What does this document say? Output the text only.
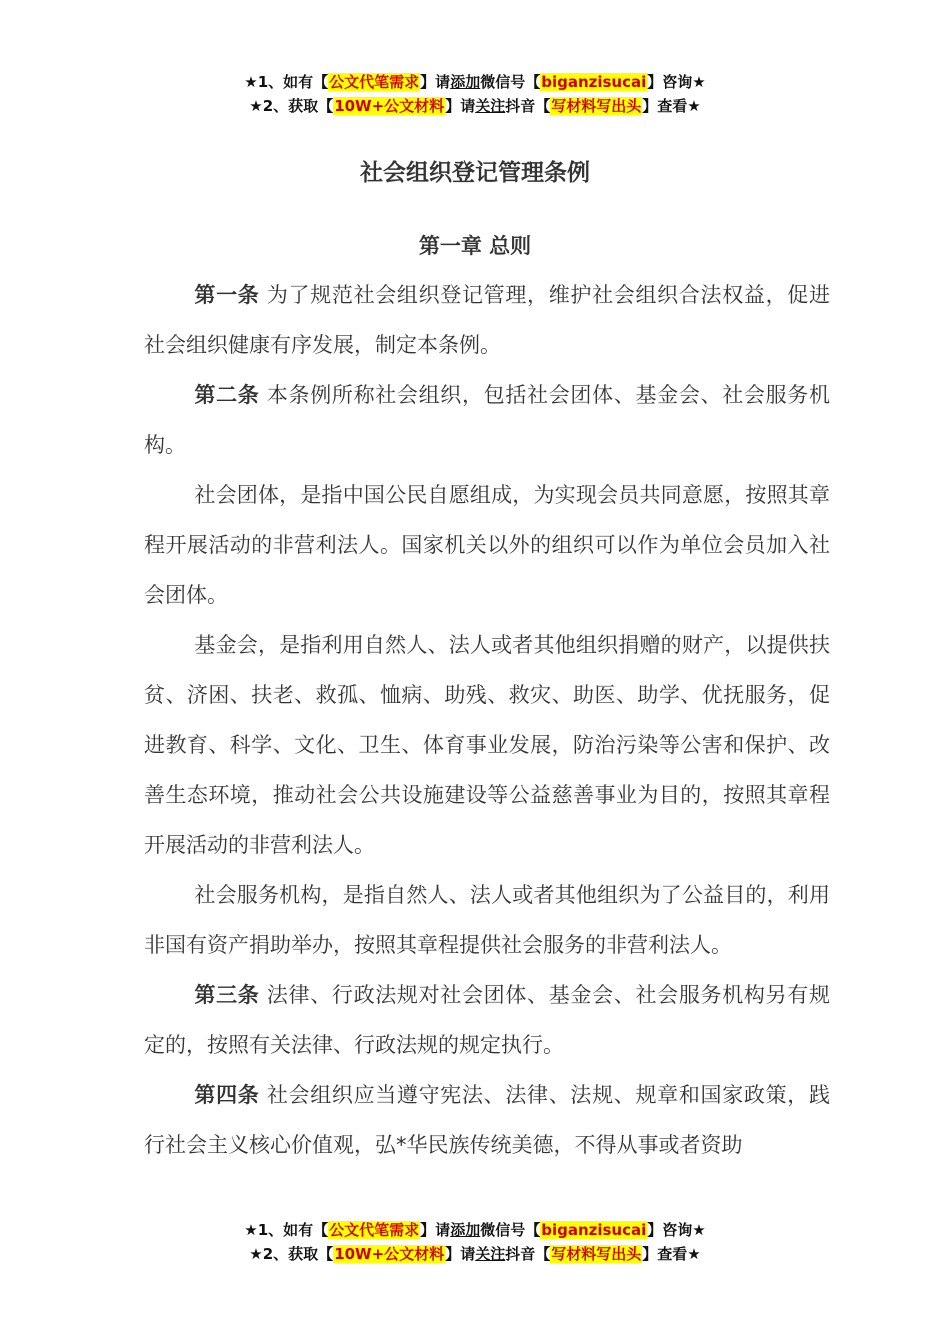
★1、如有【公文代笔需求】请添加微信号【biganzisucai】咨询★
★2、获取【10W+公文材料】请关注抖音【写材料写出头】查看★
社会组织登记管理条例
第一章 总则

第一条 为了规范社会组织登记管理，维护社会组织合法权益，促进社会组织健康有序发展，制定本条例。

第二条 本条例所称社会组织，包括社会团体、基金会、社会服务机构。

社会团体，是指中国公民自愿组成，为实现会员共同意愿，按照其章程开展活动的非营利法人。国家机关以外的组织可以作为单位会员加入社会团体。

基金会，是指利用自然人、法人或者其他组织捐赠的财产，以提供扶贫、济困、扶老、救孤、恤病、助残、救灾、助医、助学、优抚服务，促进教育、科学、文化、卫生、体育事业发展，防治污染等公害和保护、改善生态环境，推动社会公共设施建设等公益慈善事业为目的，按照其章程开展活动的非营利法人。

社会服务机构，是指自然人、法人或者其他组织为了公益目的，利用非国有资产捐助举办，按照其章程提供社会服务的非营利法人。

第三条 法律、行政法规对社会团体、基金会、社会服务机构另有规定的，按照有关法律、行政法规的规定执行。

第四条 社会组织应当遵守宪法、法律、法规、规章和国家政策，践行社会主义核心价值观，弘*华民族传统美德，不得从事或者资助

★1、如有【公文代笔需求】请添加微信号【biganzisucai】咨询★
★2、获取【10W+公文材料】请关注抖音【写材料写出头】查看★
